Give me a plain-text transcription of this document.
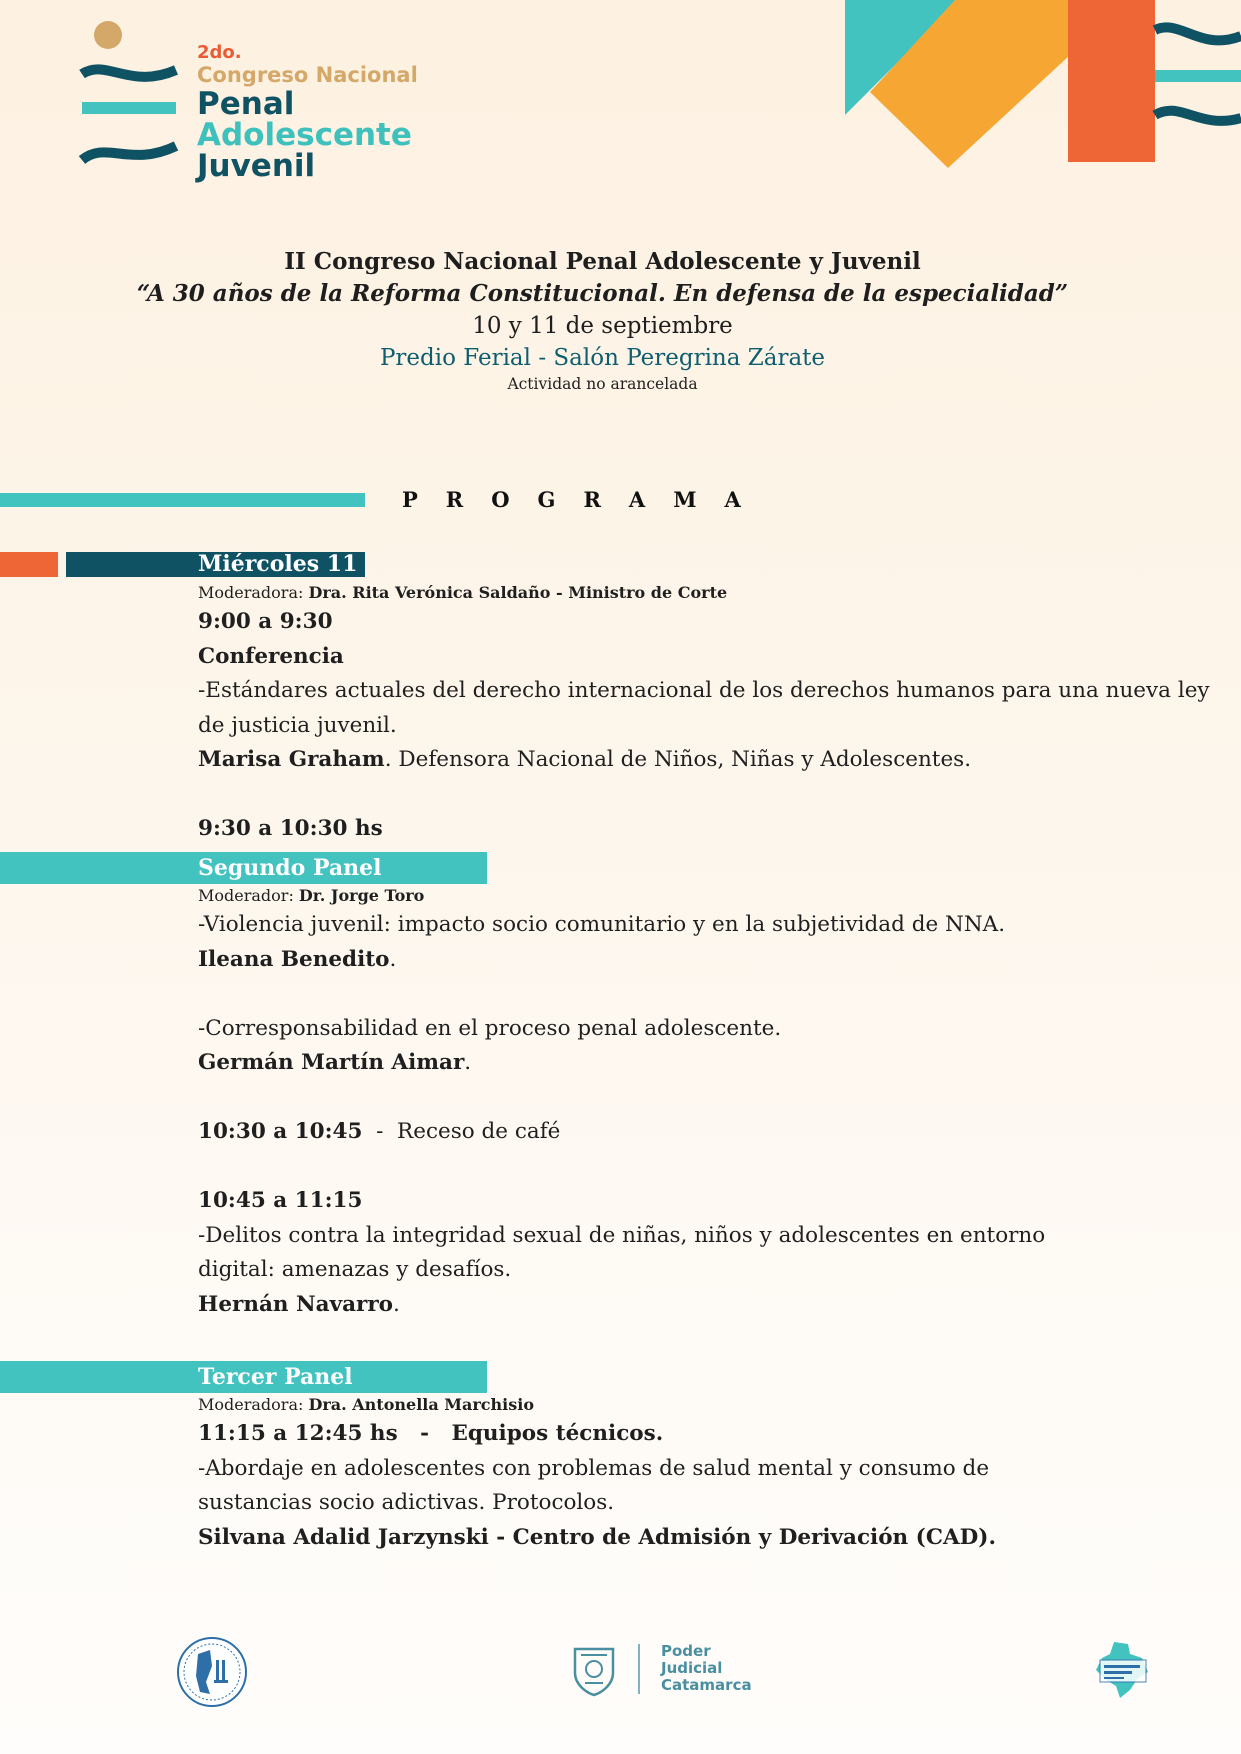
2do.
Congreso Nacional
Penal
Adolescente
Juvenil
II Congreso Nacional Penal Adolescente y Juvenil
“A 30 años de la Reforma Constitucional. En defensa de la especialidad”
10 y 11 de septiembre
Predio Ferial - Salón Peregrina Zárate
Actividad no arancelada
PROGRAMA
Miércoles 11
Moderadora: Dra. Rita Verónica Saldaño - Ministro de Corte
9:00 a 9:30
Conferencia
-Estándares actuales del derecho internacional de los derechos humanos para una nueva ley
de justicia juvenil.
Marisa Graham. Defensora Nacional de Niños, Niñas y Adolescentes.
9:30 a 10:30 hs
Segundo Panel
Moderador: Dr. Jorge Toro
-Violencia juvenil: impacto socio comunitario y en la subjetividad de NNA.
Ileana Benedito.
-Corresponsabilidad en el proceso penal adolescente.
Germán Martín Aimar.
10:30 a 10:45  -  Receso de café
10:45 a 11:15
-Delitos contra la integridad sexual de niñas, niños y adolescentes en entorno
digital: amenazas y desafíos.
Hernán Navarro.
Tercer Panel
Moderadora: Dra. Antonella Marchisio
11:15 a 12:45 hs   -   Equipos técnicos.
-Abordaje en adolescentes con problemas de salud mental y consumo de
sustancias socio adictivas. Protocolos.
Silvana Adalid Jarzynski - Centro de Admisión y Derivación (CAD).
Poder
Judicial
Catamarca
